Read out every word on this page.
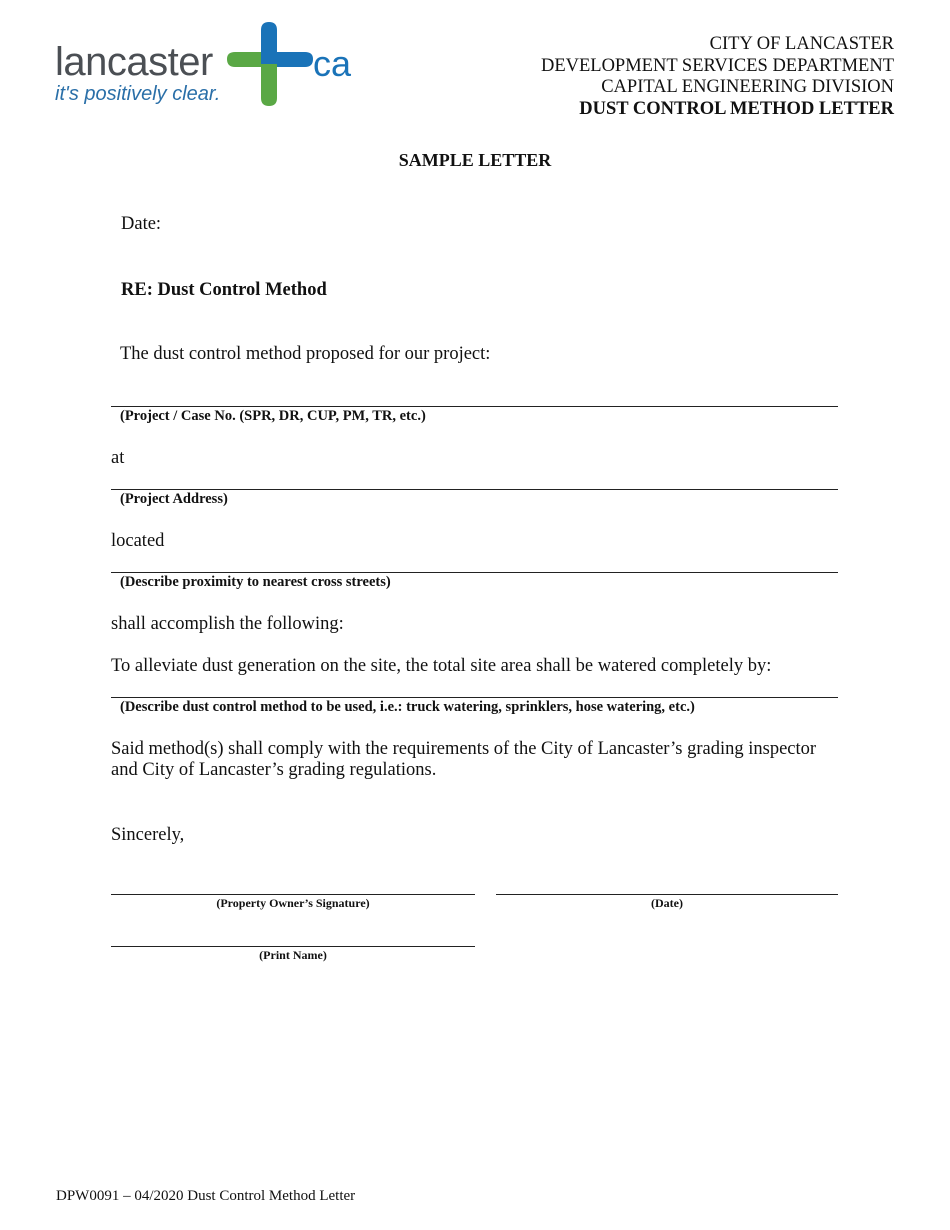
lancaster	ca
it's positively clear.
CITY OF LANCASTER
DEVELOPMENT SERVICES DEPARTMENT
CAPITAL ENGINEERING DIVISION
DUST CONTROL METHOD LETTER
SAMPLE LETTER
Date:
RE: Dust Control Method
The dust control method proposed for our project:
(Project / Case No. (SPR, DR, CUP, PM, TR, etc.)
at
(Project Address)
located
(Describe proximity to nearest cross streets)
shall accomplish the following:
To alleviate dust generation on the site, the total site area shall be watered completely by:
(Describe dust control method to be used, i.e.: truck watering, sprinklers, hose watering, etc.)
Said method(s) shall comply with the requirements of the City of Lancaster’s grading inspector
and City of Lancaster’s grading regulations.
Sincerely,
(Property Owner’s Signature)	(Date)
(Print Name)
DPW0091 – 04/2020 Dust Control Method Letter
